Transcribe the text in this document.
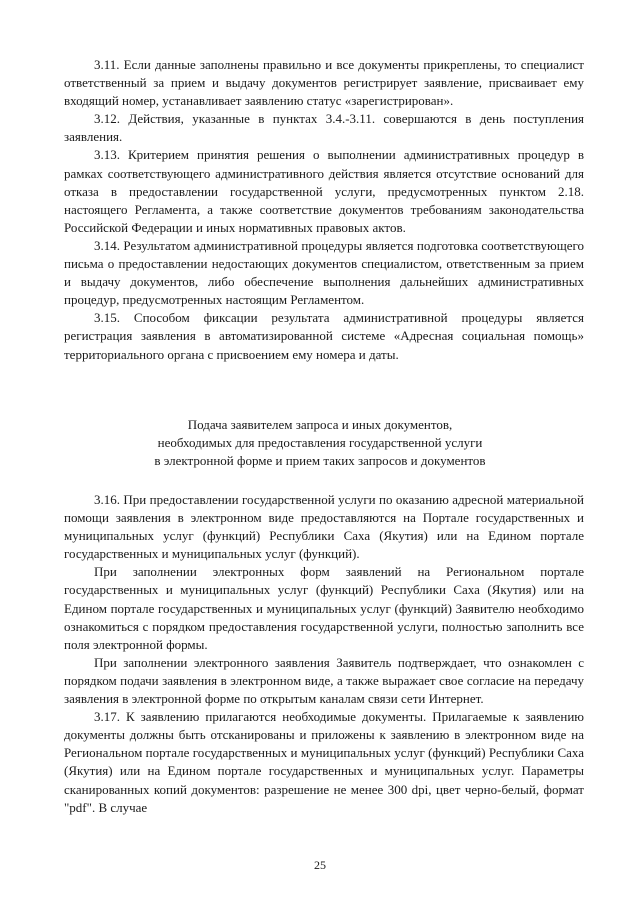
3.11. Если данные заполнены правильно и все документы прикреплены, то специалист ответственный за прием и выдачу документов регистрирует заявление, присваивает ему входящий номер, устанавливает заявлению статус «зарегистрирован».

3.12. Действия, указанные в пунктах 3.4.-3.11. совершаются в день поступления заявления.

3.13. Критерием принятия решения о выполнении административных процедур в рамках соответствующего административного действия является отсутствие оснований для отказа в предоставлении государственной услуги, предусмотренных пунктом 2.18. настоящего Регламента, а также соответствие документов требованиям законодательства Российской Федерации и иных нормативных правовых актов.

3.14. Результатом административной процедуры является подготовка соответствующего письма о предоставлении недостающих документов специалистом, ответственным за прием и выдачу документов, либо обеспечение выполнения дальнейших административных процедур, предусмотренных настоящим Регламентом.

3.15. Способом фиксации результата административной процедуры является регистрация заявления в автоматизированной системе «Адресная социальная помощь» территориального органа с присвоением ему номера и даты.

Подача заявителем запроса и иных документов,
необходимых для предоставления государственной услуги
в электронной форме и прием таких запросов и документов

3.16. При предоставлении государственной услуги по оказанию адресной материальной помощи заявления в электронном виде предоставляются на Портале государственных и муниципальных услуг (функций) Республики Саха (Якутия) или на Едином портале государственных и муниципальных услуг (функций).

При заполнении электронных форм заявлений на Региональном портале государственных и муниципальных услуг (функций) Республики Саха (Якутия) или на Едином портале государственных и муниципальных услуг (функций) Заявителю необходимо ознакомиться с порядком предоставления государственной услуги, полностью заполнить все поля электронной формы.

При заполнении электронного заявления Заявитель подтверждает, что ознакомлен с порядком подачи заявления в электронном виде, а также выражает свое согласие на передачу заявления в электронной форме по открытым каналам связи сети Интернет.

3.17. К заявлению прилагаются необходимые документы. Прилагаемые к заявлению документы должны быть отсканированы и приложены к заявлению в электронном виде на Региональном портале государственных и муниципальных услуг (функций) Республики Саха (Якутия) или на Едином портале государственных и муниципальных услуг. Параметры сканированных копий документов: разрешение не менее 300 dpi, цвет черно-белый, формат "pdf". В случае

25
